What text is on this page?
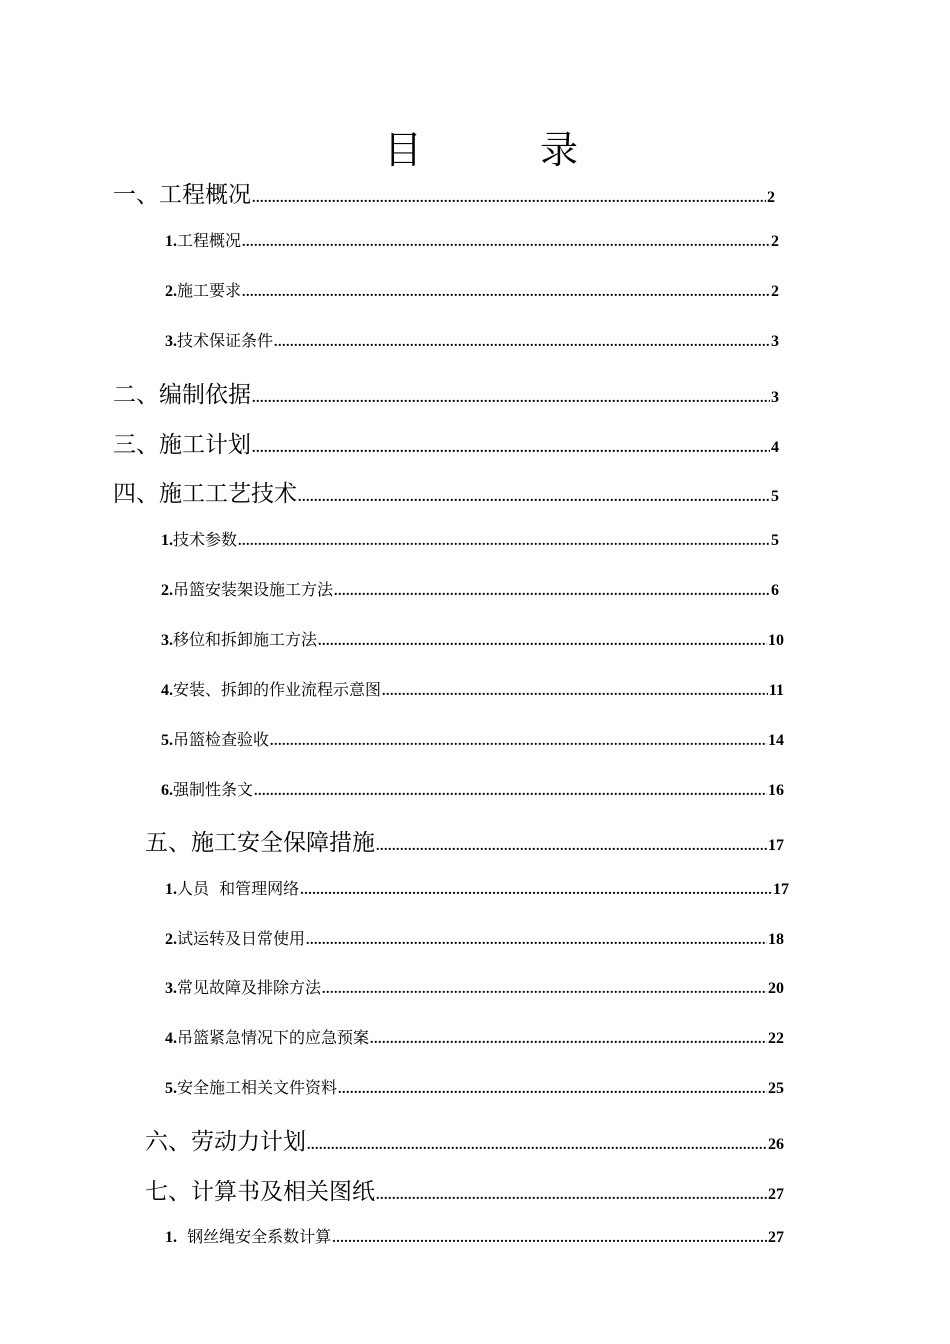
目　录
一、工程概况 .....	2
1.工程概况 .....	2
2.施工要求 .....	2
3.技术保证条件 .....	3
二、编制依据 .....	3
三、施工计划 .....	4
四、施工工艺技术 .....	5
1.技术参数 .....	5
2.吊篮安装架设施工方法 .....	6
3.移位和拆卸施工方法 .....	10
4.安装、拆卸的作业流程示意图 .....	11
5.吊篮检查验收 .....	14
6.强制性条文 .....	16
五、施工安全保障措施 .....	17
1.人员  和管理网络 .....	17
2.试运转及日常使用 .....	18
3.常见故障及排除方法 .....	20
4.吊篮紧急情况下的应急预案 .....	22
5.安全施工相关文件资料 .....	25
六、劳动力计划 .....	26
七、计算书及相关图纸 .....	27
1.  钢丝绳安全系数计算 .....	27
